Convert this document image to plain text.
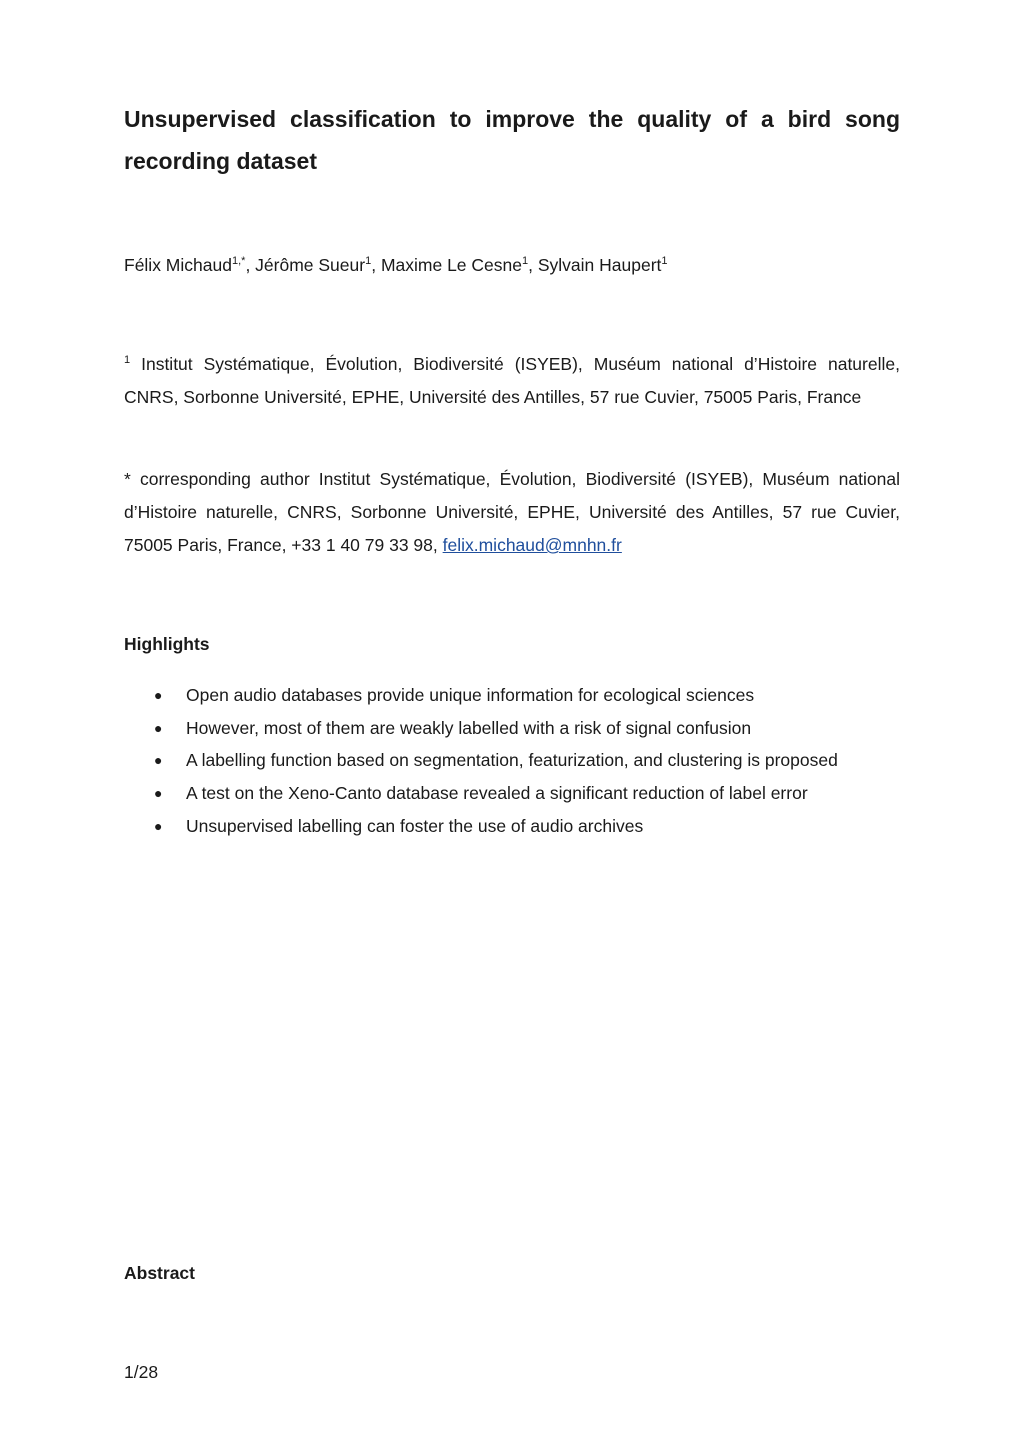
Unsupervised classification to improve the quality of a bird song recording dataset

Félix Michaud$^{1,*}$, Jérôme Sueur$^1$, Maxime Le Cesne$^1$, Sylvain Haupert$^1$

$^1$ Institut Systématique, Évolution, Biodiversité (ISYEB), Muséum national d’Histoire naturelle, CNRS, Sorbonne Université, EPHE, Université des Antilles, 57 rue Cuvier, 75005 Paris, France

* corresponding author Institut Systématique, Évolution, Biodiversité (ISYEB), Muséum national d’Histoire naturelle, CNRS, Sorbonne Université, EPHE, Université des Antilles, 57 rue Cuvier, 75005 Paris, France, +33 1 40 79 33 98, felix.michaud@mnhn.fr

Highlights
● Open audio databases provide unique information for ecological sciences
● However, most of them are weakly labelled with a risk of signal confusion
● A labelling function based on segmentation, featurization, and clustering is proposed
● A test on the Xeno-Canto database revealed a significant reduction of label error
● Unsupervised labelling can foster the use of audio archives
Abstract

1/28
